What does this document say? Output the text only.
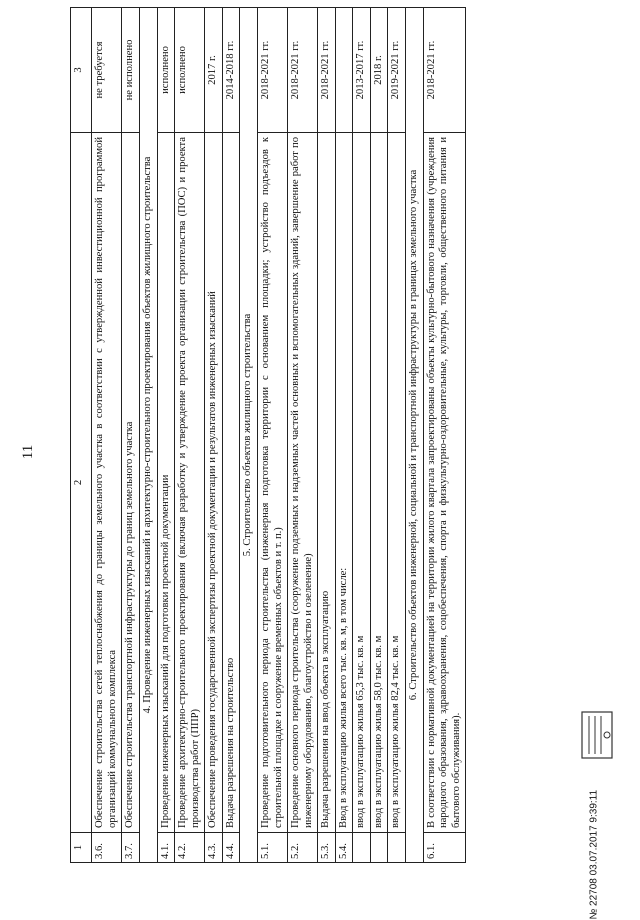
11
1	2	3
3.6.	Обеспечение строительства сетей теплоснабжения до границы земельного участка в соответствии с утвержденной инвестиционной программой организаций коммунального комплекса	не требуется
3.7.	Обеспечение строительства транспортной инфраструктуры до границ земельного участка	не исполнено
4. Проведение инженерных изысканий и архитектурно-строительного проектирования объектов жилищного строительства		
4.1.	Проведение инженерных изысканий для подготовки проектной документации	исполнено
4.2.	Проведение архитектурно-строительного проектирования (включая разработку и утверждение проекта организации строительства (ПОС) и проекта производства работ (ППР)	исполнено
4.3.	Обеспечение проведения государственной экспертизы проектной документации и результатов инженерных изысканий	2017 г.
4.4.	Выдача разрешения на строительство	2014-2018 гг.
5. Строительство объектов жилищного строительства		
5.1.	Проведение подготовительного периода строительства (инженерная подготовка территории с основанием площадки; устройство подъездов к строительной площадке и сооружение временных объектов и т. п.)	2018-2021 гг.
5.2.	Проведение основного периода строительства (сооружение подземных и надземных частей основных и вспомогательных зданий, завершение работ по инженерному оборудованию, благоустройство и озеленение)	2018-2021 гг.
5.3.	Выдача разрешения на ввод объекта в эксплуатацию	2018-2021 гг.
5.4.	Ввод в эксплуатацию жилья всего тыс. кв. м, в том числе:	
	ввод в эксплуатацию жилья 65,3 тыс. кв. м	2013-2017 гг.
	ввод в эксплуатацию жилья 58,0 тыс. кв. м	2018 г.
	ввод в эксплуатацию жилья 82,4 тыс. кв. м	2019-2021 гг.
6. Строительство объектов инженерной, социальной и транспортной инфраструктуры в границах земельного участка		
6.1.	В соответствии с нормативной документацией на территории жилого квартала запроектированы объекты культурно-бытового назначения (учреждения народного образования, здравоохранения, соцобеспечения, спорта и физкультурно-оздоровительные, культуры, торговли, общественного питания и бытового обслуживания).	2018-2021 гг.
№ 22708 03.07.2017 9:39:11
